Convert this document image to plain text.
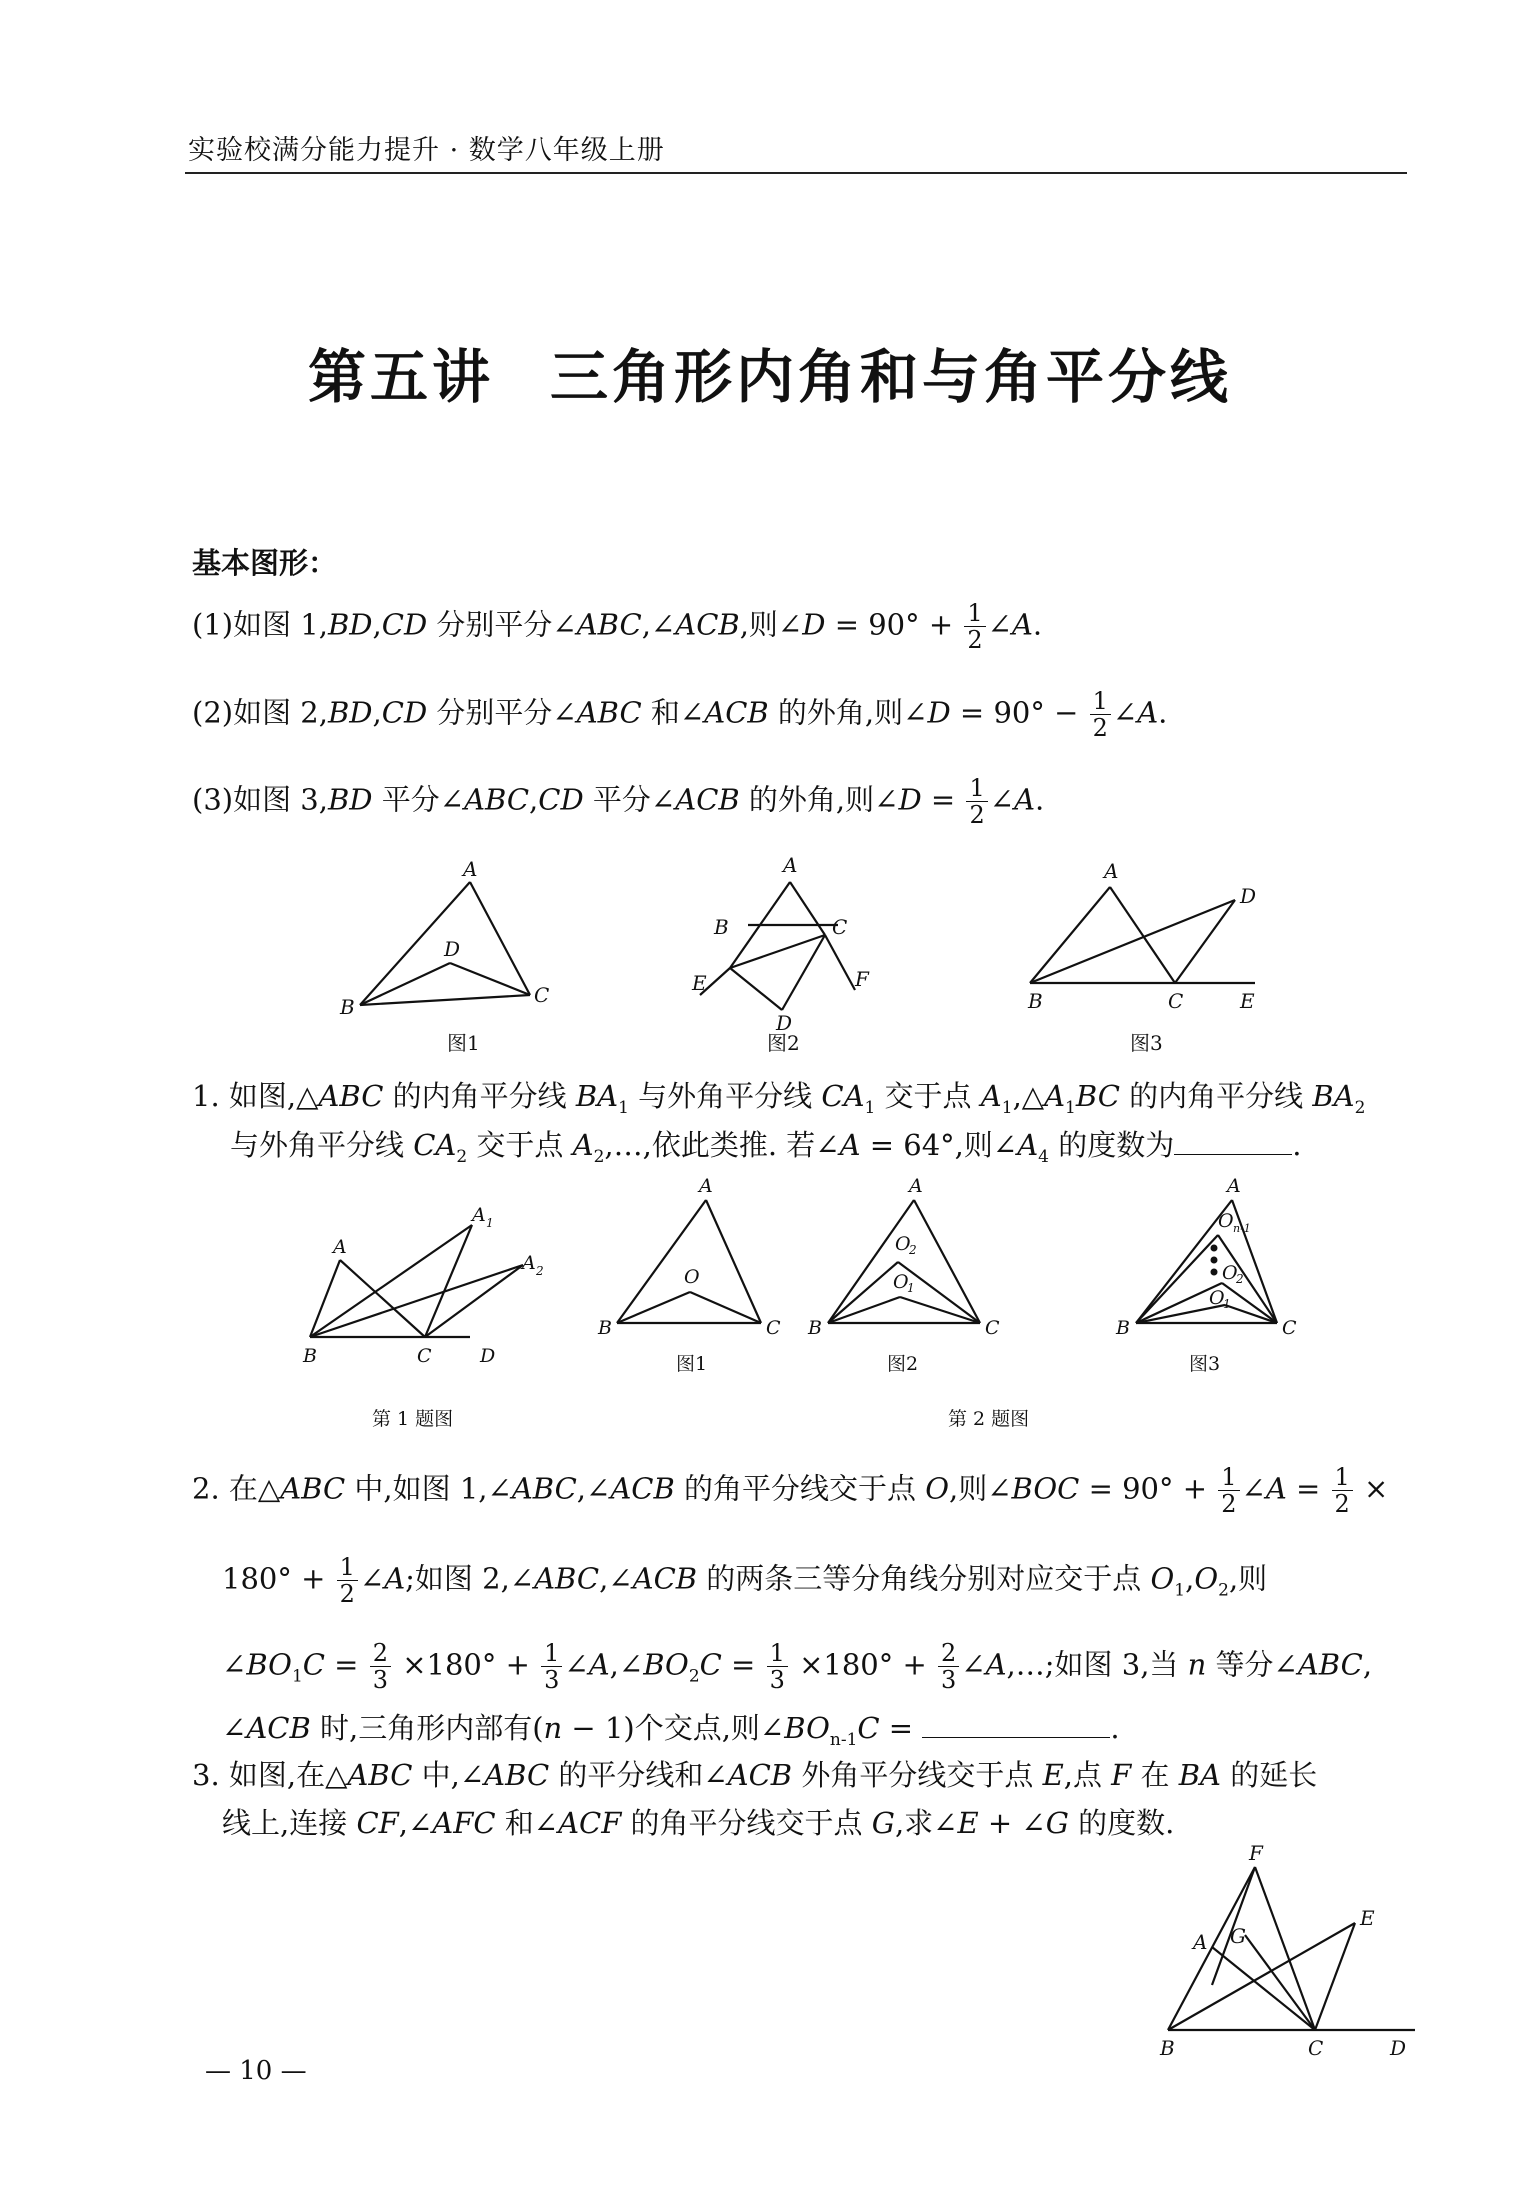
实验校满分能力提升 · 数学八年级上册
第五讲 三角形内角和与角平分线
基本图形：
(1)如图 1,BD,CD 分别平分∠ABC,∠ACB,则∠D = $90^\circ + \frac{1}{2}$ ∠A.
(2)如图 2,BD,CD 分别平分∠ABC 和∠ACB 的外角,则∠D = $90^\circ - \frac{1}{2}$ ∠A.
(3)如图 3,BD 平分∠ABC,CD 平分∠ACB 的外角,则∠D = $\frac{1}{2}$ ∠A.
A
D
B	C
图1
A
B	C
E	F
D
图2
A
D
B	C	E
图3
1. 如图,△ABC 的内角平分线 $BA_1$ 与外角平分线 $CA_1$ 交于点 $A_1,\triangle A_1BC$ 的内角平分线 $BA_2$
与外角平分线 $CA_2$ 交于点 $A_2,\dots$,依此类推. 若∠A = 64°,则$\angle A_4$ 的度数为	.
A
A 1
A 2
B	C	D
第 1 题图
A
O
B	C
图1
A
O
2
O
1
B	C
图2
A
O n-1
O
2
O
1
B	C
图3
第 2 题图
2. 在△ABC 中,如图 1,∠ABC,∠ACB 的角平分线交于点 O,则∠BOC = $90^\circ + \frac{1}{2}$ ∠A = $\frac{1}{2}$ ×
$180^\circ + \frac{1}{2}$ ∠A;如图 2,∠ABC,∠ACB 的两条三等分角线分别对应交于点 $O_1,O_2$,则
$\angle BO_1C = \frac{2}{3} \times 180^\circ + \frac{1}{3}$ $\angle A,\angle BO_2C = \frac{1}{3} \times 180^\circ + \frac{2}{3}$ ∠A,…;如图 3,当 n 等分∠ABC,
∠ACB 时,三角形内部有(n − 1)个交点,则$\angle BO_{n-1}C$ =	.
3. 如图,在△ABC 中,∠ABC 的平分线和∠ACB 外角平分线交于点 E,点 F 在 BA 的延长
线上,连接 CF,∠AFC 和∠ACF 的角平分线交于点 G,求∠E + ∠G 的度数.
F
A G
E
B	C	D
— 10 —
